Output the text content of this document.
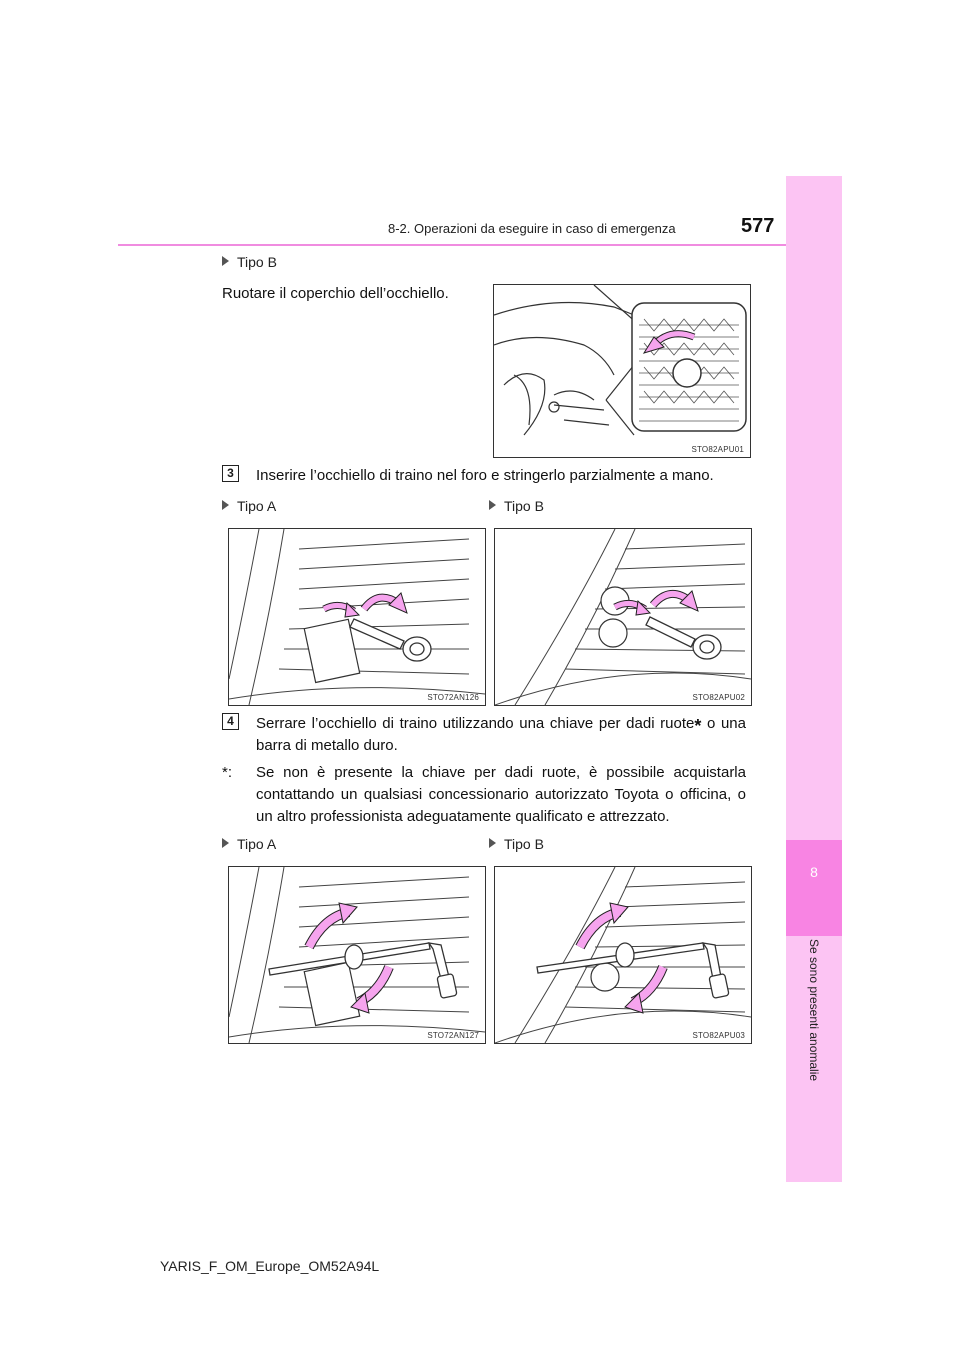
8-2. Operazioni da eseguire in caso di emergenza	577
8
Se sono presenti anomalie
Tipo B
Ruotare il coperchio dell’occhiello.
STO82APU01
3	Inserire l’occhiello di traino nel foro e stringerlo parzialmente a mano.
Tipo A	Tipo B
STO72AN126	STO82APU02
4	Serrare l’occhiello di traino utilizzando una chiave per dadi ruote* o una barra di metallo duro.
*:	Se non è presente la chiave per dadi ruote, è possibile acquistarla contattando un qualsiasi concessionario autorizzato Toyota o officina, o un altro professionista adeguatamente qualificato e attrezzato.
Tipo A	Tipo B
STO72AN127	STO82APU03
YARIS_F_OM_Europe_OM52A94L
